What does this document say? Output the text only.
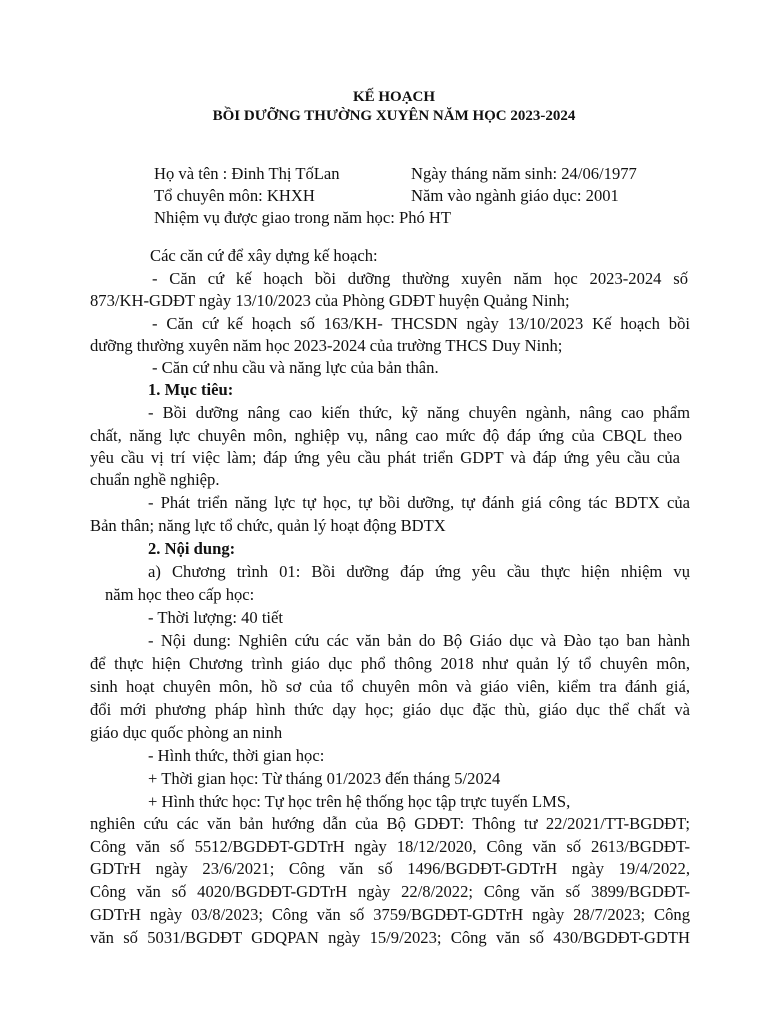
KẾ HOẠCH
BỒI DƯỠNG THƯỜNG XUYÊN NĂM HỌC 2023-2024
Họ và tên : Đinh Thị TốLan	Ngày tháng năm sinh: 24/06/1977
Tổ chuyên môn: KHXH	Năm vào ngành giáo dục: 2001
Nhiệm vụ được giao trong năm học: Phó HT
Các căn cứ để xây dựng kế hoạch:
- Căn cứ kế hoạch bồi dưỡng thường xuyên năm học 2023-2024 số
873/KH-GDĐT ngày 13/10/2023 của Phòng GDĐT huyện Quảng Ninh;
- Căn cứ kế hoạch số 163/KH- THCSDN ngày 13/10/2023 Kế hoạch bồi
dưỡng thường xuyên năm học 2023-2024 của trường THCS Duy Ninh;
- Căn cứ nhu cầu và năng lực của bản thân.
1. Mục tiêu:
- Bồi dưỡng nâng cao kiến thức, kỹ năng chuyên ngành, nâng cao phẩm
chất, năng lực chuyên môn, nghiệp vụ, nâng cao mức độ đáp ứng của CBQL theo
yêu cầu vị trí việc làm; đáp ứng yêu cầu phát triển GDPT và đáp ứng yêu cầu của
chuẩn nghề nghiệp.
- Phát triển năng lực tự học, tự bồi dưỡng, tự đánh giá công tác BDTX của
Bản thân; năng lực tổ chức, quản lý hoạt động BDTX
2. Nội dung:
a) Chương trình 01: Bồi dưỡng đáp ứng yêu cầu thực hiện nhiệm vụ
năm học theo cấp học:
- Thời lượng: 40 tiết
- Nội dung: Nghiên cứu các văn bản do Bộ Giáo dục và Đào tạo ban hành
để thực hiện Chương trình giáo dục phổ thông 2018 như quản lý tổ chuyên môn,
sinh hoạt chuyên môn, hồ sơ của tổ chuyên môn và giáo viên, kiểm tra đánh giá,
đổi mới phương pháp hình thức dạy học; giáo dục đặc thù, giáo dục thể chất và
giáo dục quốc phòng an ninh
- Hình thức, thời gian học:
+ Thời gian học: Từ tháng 01/2023 đến tháng 5/2024
+ Hình thức học: Tự học trên hệ thống học tập trực tuyến LMS,
nghiên cứu các văn bản hướng dẫn của Bộ GDĐT: Thông tư 22/2021/TT-BGDĐT;
Công văn số 5512/BGDĐT-GDTrH ngày 18/12/2020, Công văn số 2613/BGDĐT-
GDTrH ngày 23/6/2021; Công văn số 1496/BGDĐT-GDTrH ngày 19/4/2022,
Công văn số 4020/BGDĐT-GDTrH ngày 22/8/2022; Công văn số 3899/BGDĐT-
GDTrH ngày 03/8/2023; Công văn số 3759/BGDĐT-GDTrH ngày 28/7/2023; Công
văn số 5031/BGDĐT GDQPAN ngày 15/9/2023; Công văn số 430/BGDĐT-GDTH
